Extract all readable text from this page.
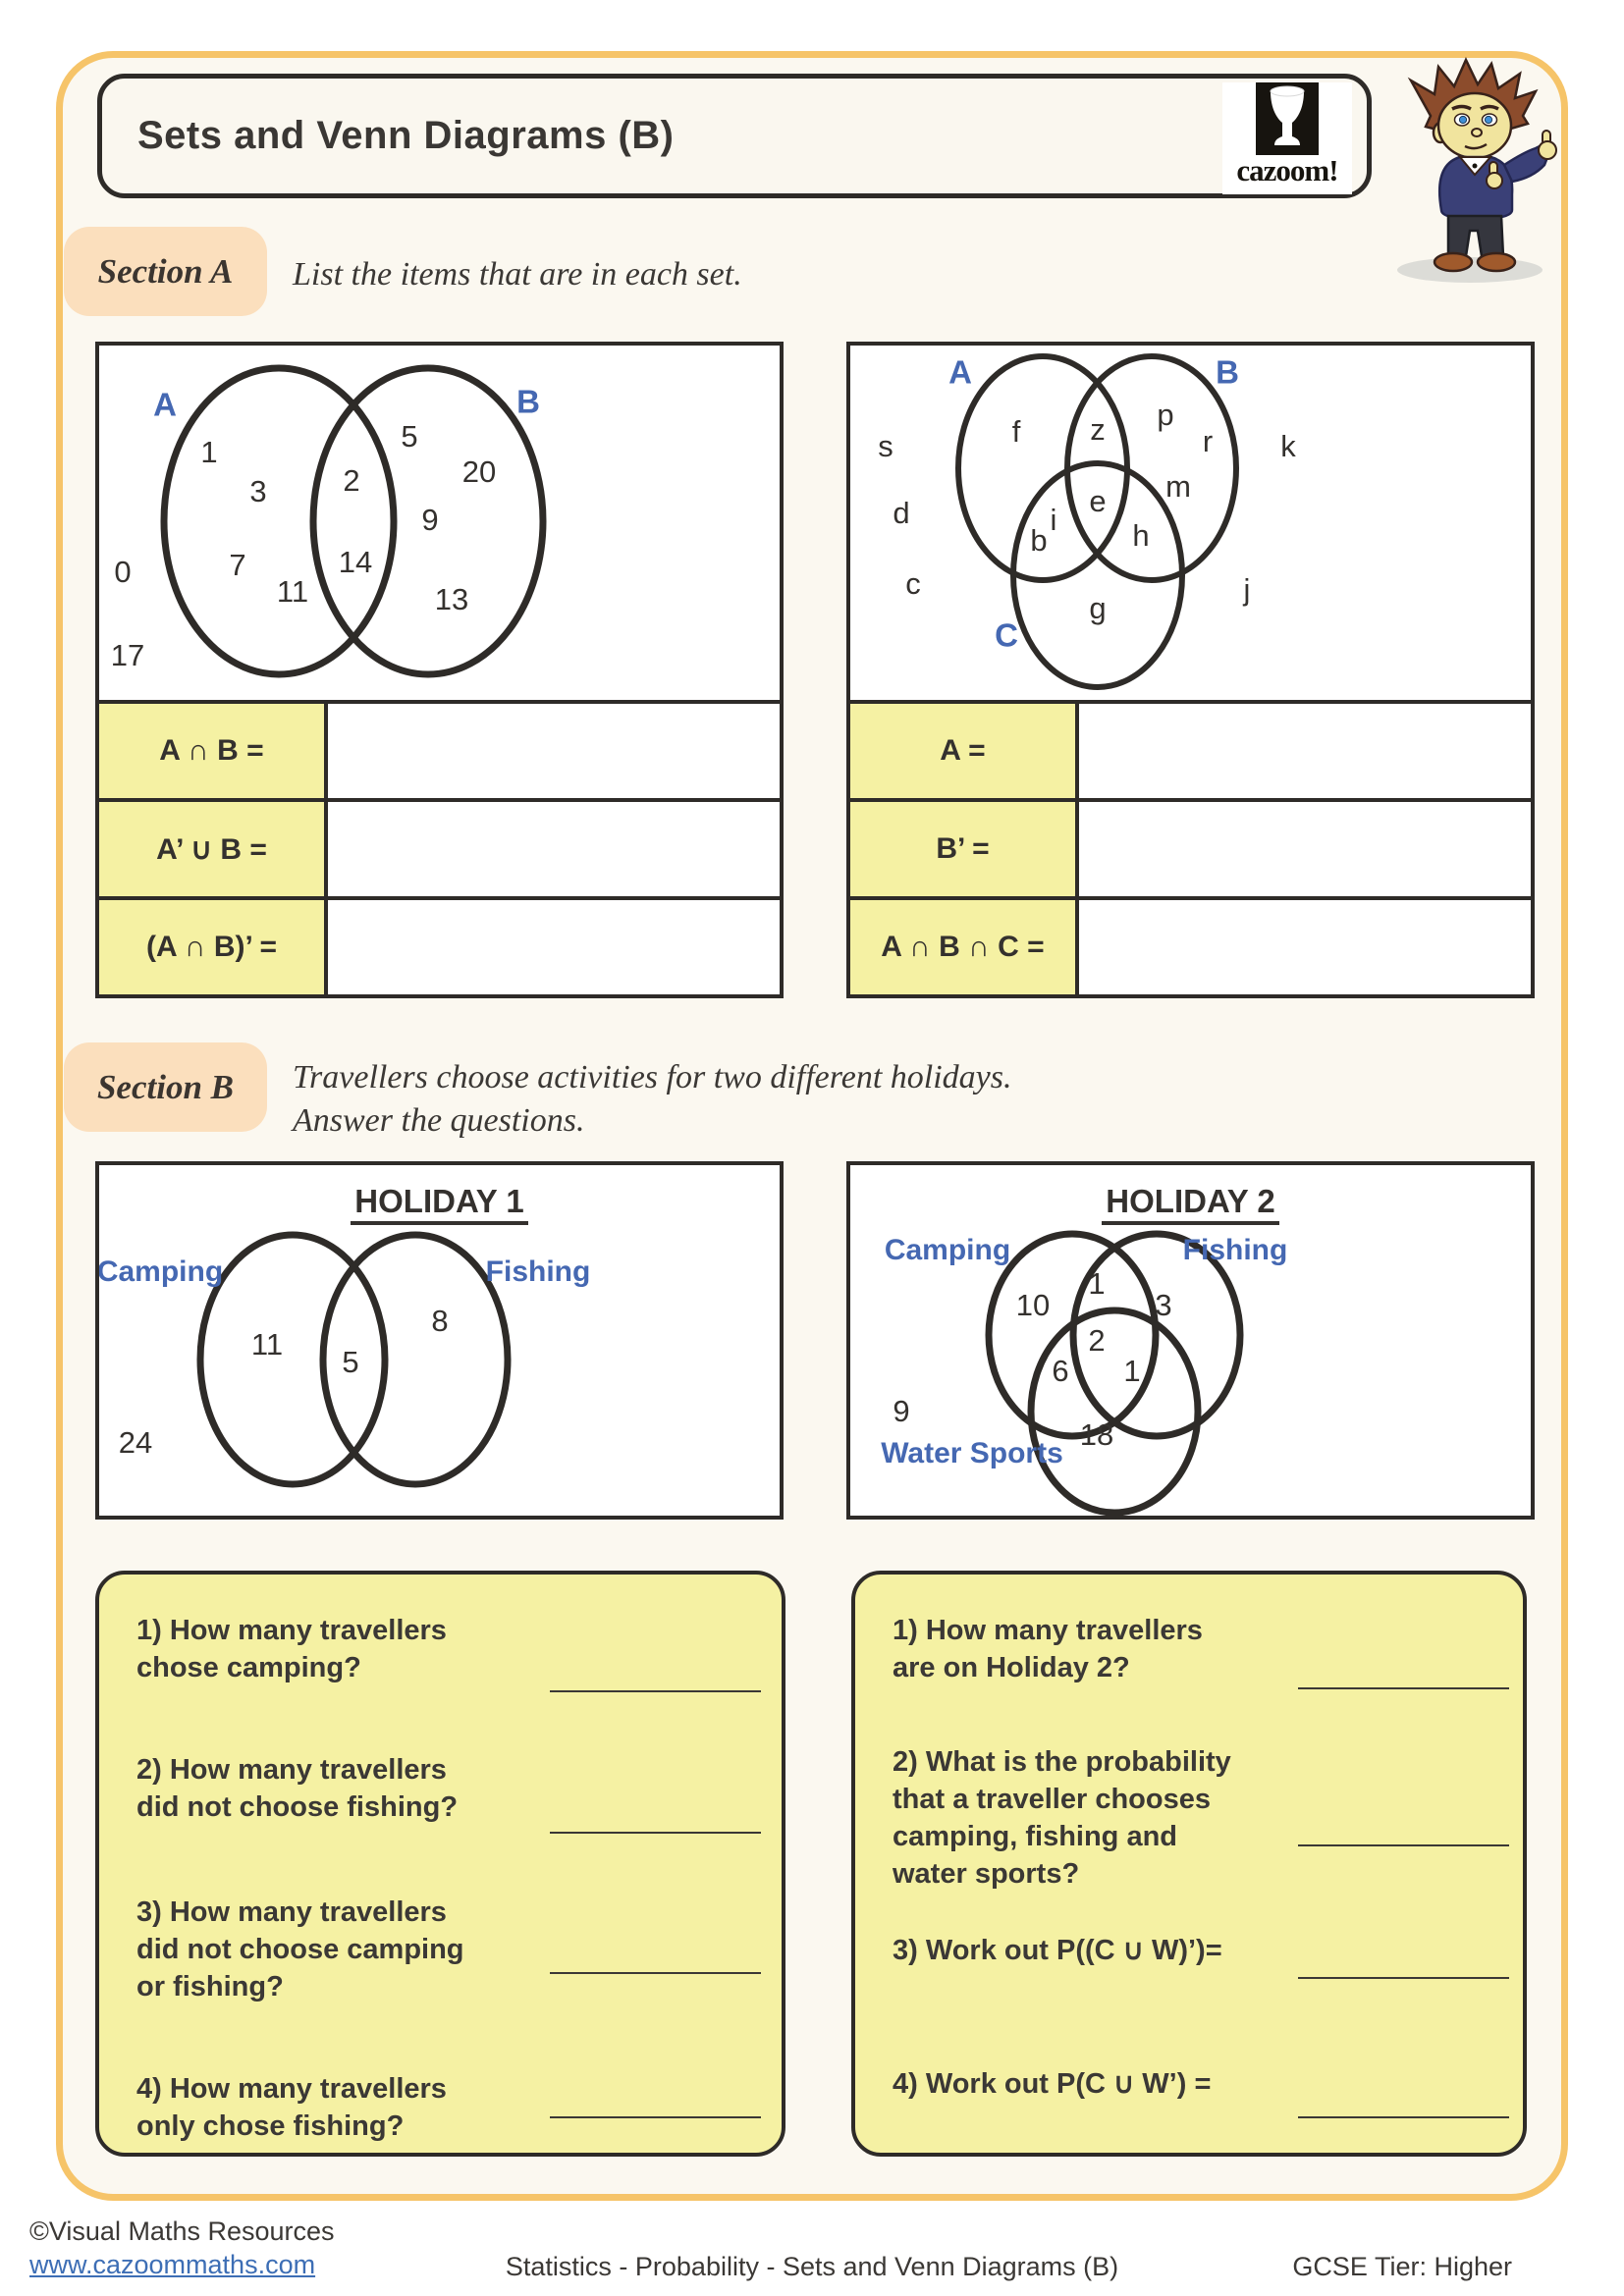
Sets and Venn Diagrams (B)
cazoom!
Section A List the items that are in each set.
A	B
1
3
7
11
2
14
5
20
9
13
0
17
A ∩ B =
A’ ∪ B =
(A ∩ B)’ =
A	B
C
f z p
r
m
b
i
e
h
g
s
d
c
k
j
A =
B’ =
A ∩ B ∩ C =
Section B Travellers choose activities for two different holidays.
Answer the questions.
HOLIDAY 1
Camping	Fishing
11
5
8
24
HOLIDAY 2
Camping	Fishing
Water Sports
10
1
3
2
6 1
18
9
1) How many travellers
chose camping?
2) How many travellers
did not choose fishing?
3) How many travellers
did not choose camping
or fishing?
4) How many travellers
only chose fishing?
1) How many travellers
are on Holiday 2?
2) What is the probability
that a traveller chooses
camping, fishing and
water sports?
3) Work out P((C ∪ W)’)=
4) Work out P(C ∪ W’) =
©Visual Maths Resources
www.cazoommaths.com	Statistics - Probability - Sets and Venn Diagrams (B)	GCSE Tier: Higher
